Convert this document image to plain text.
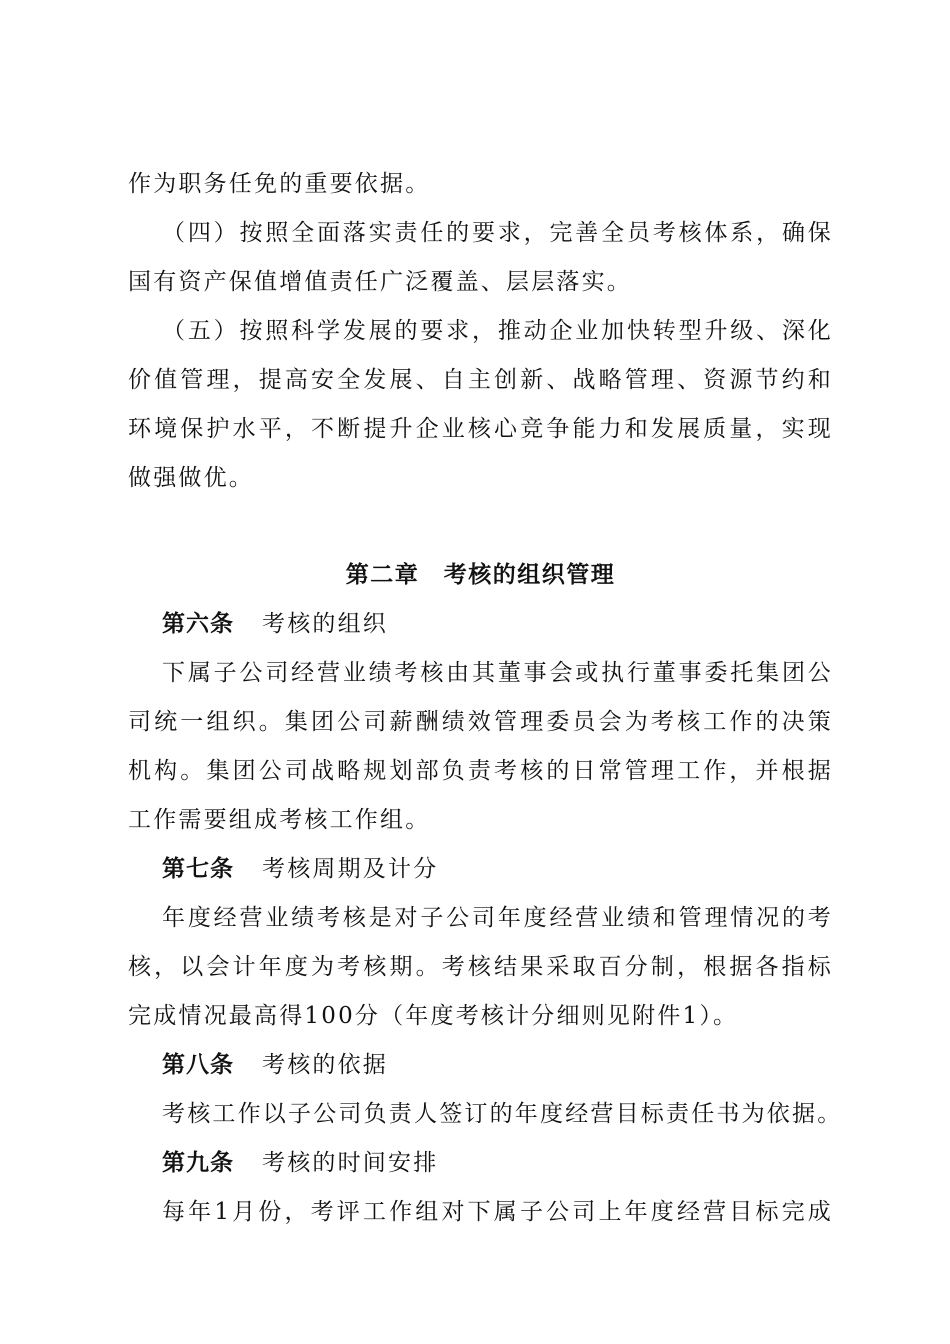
作为职务任免的重要依据。
（四）按照全面落实责任的要求，完善全员考核体系，确保
国有资产保值增值责任广泛覆盖、层层落实。
（五）按照科学发展的要求，推动企业加快转型升级、深化
价值管理，提高安全发展、自主创新、战略管理、资源节约和
环境保护水平，不断提升企业核心竞争能力和发展质量，实现
做强做优。
第二章　考核的组织管理
第六条 考核的组织
下属子公司经营业绩考核由其董事会或执行董事委托集团公
司统一组织。集团公司薪酬绩效管理委员会为考核工作的决策
机构。集团公司战略规划部负责考核的日常管理工作，并根据
工作需要组成考核工作组。
第七条 考核周期及计分
年度经营业绩考核是对子公司年度经营业绩和管理情况的考
核，以会计年度为考核期。考核结果采取百分制，根据各指标
完成情况最高得100分（年度考核计分细则见附件1）。
第八条 考核的依据
考核工作以子公司负责人签订的年度经营目标责任书为依据。
第九条 考核的时间安排
每年1月份，考评工作组对下属子公司上年度经营目标完成
